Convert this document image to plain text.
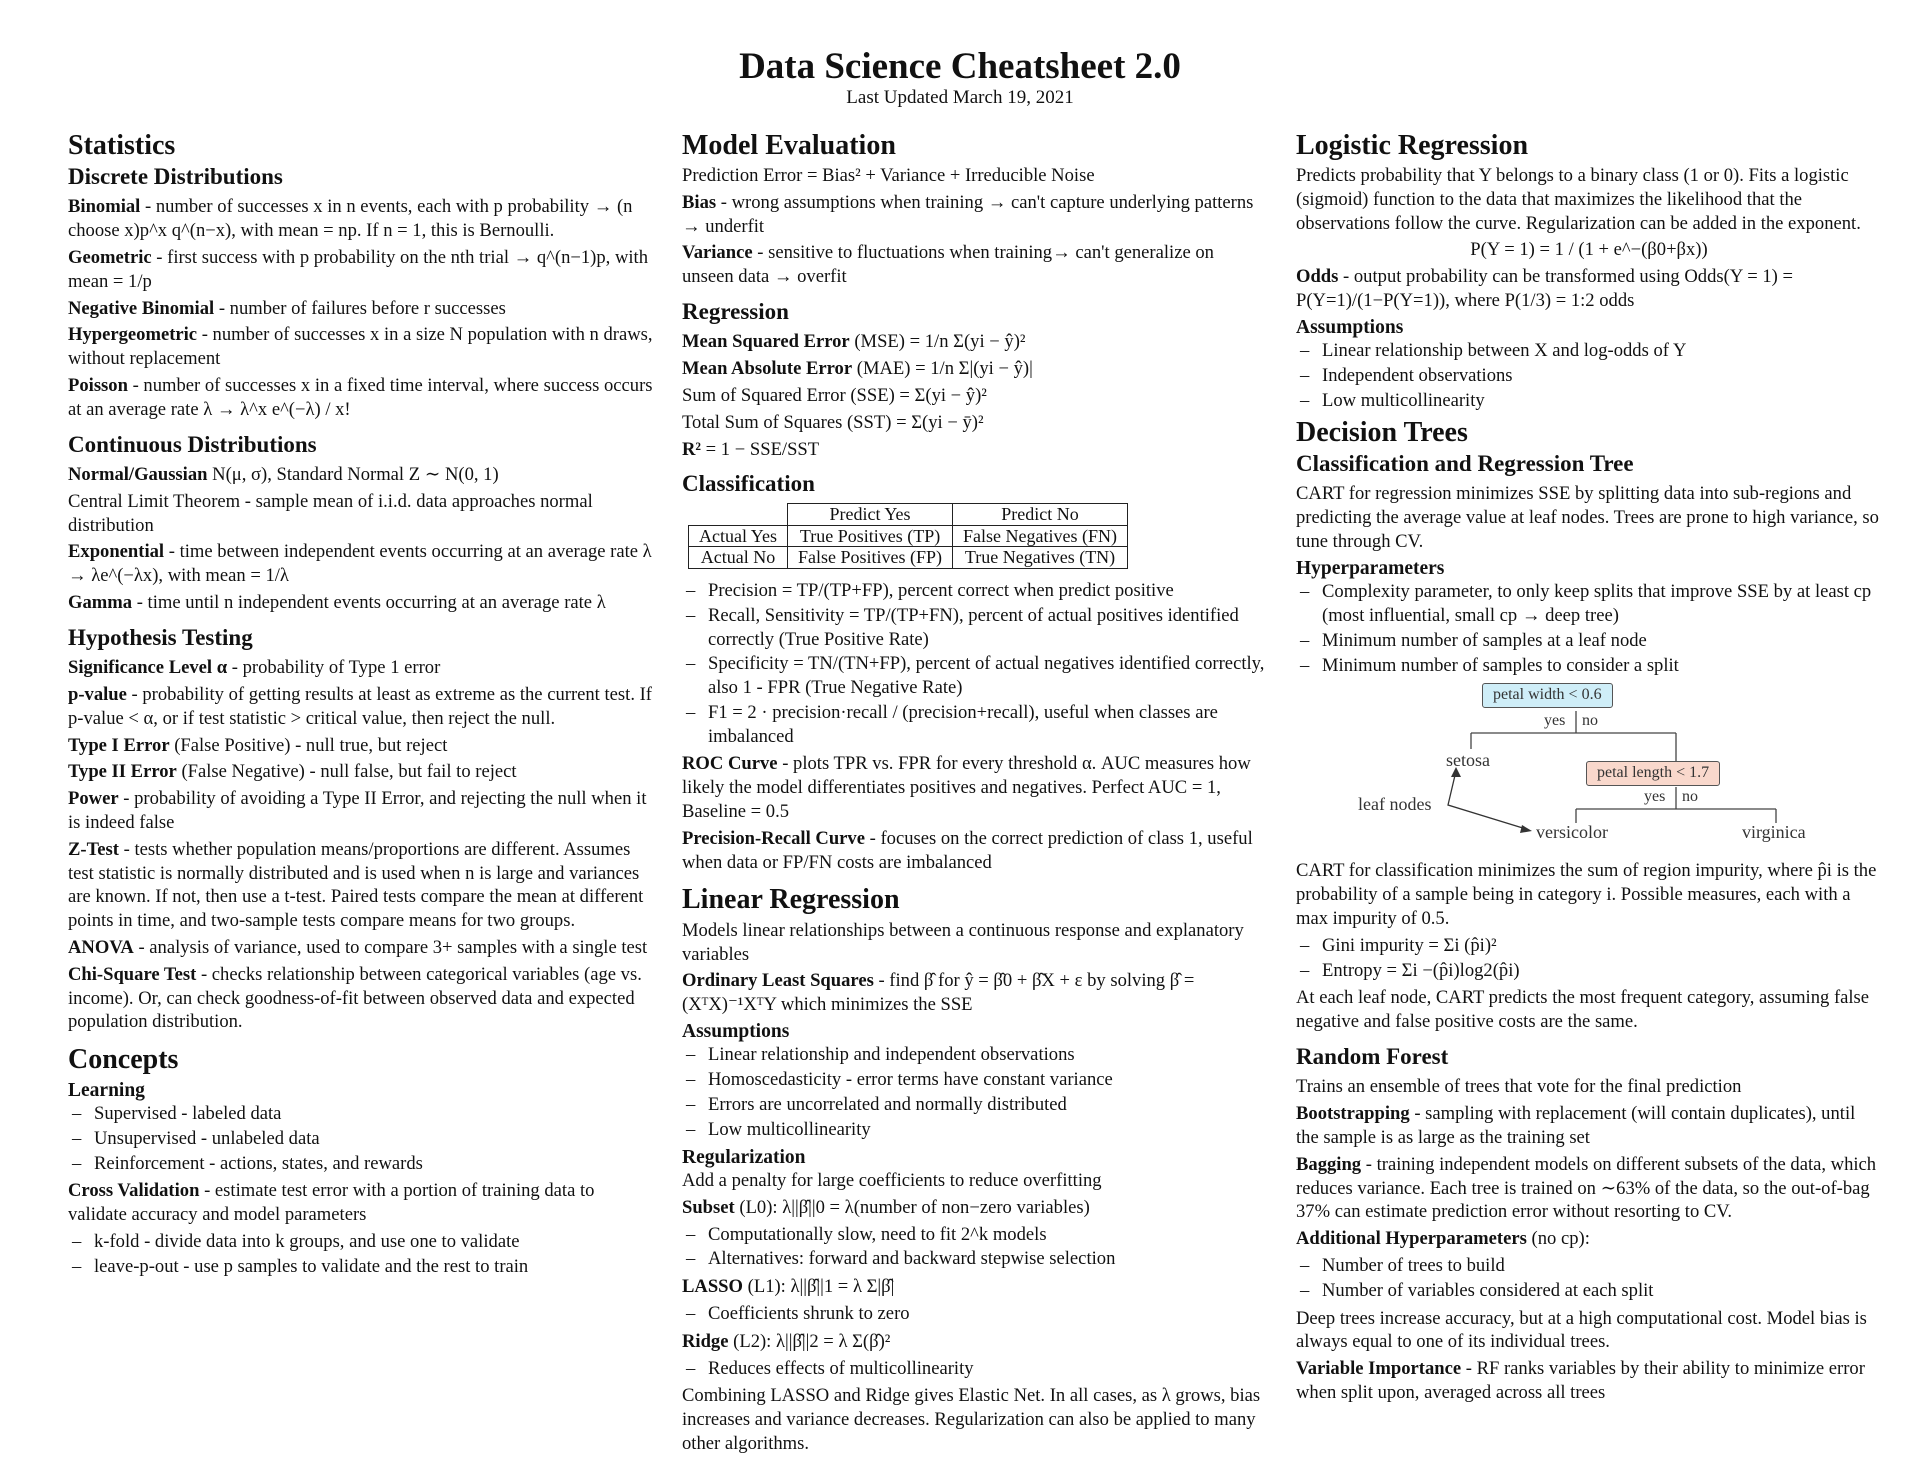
Data Science Cheatsheet 2.0
Last Updated March 19, 2021
Statistics
Discrete Distributions

Binomial - number of successes x in n events, each with p probability → (n choose x)p^x q^(n−x), with mean = np. If n = 1, this is Bernoulli.

Geometric - first success with p probability on the nth trial → q^(n−1)p, with mean = 1/p

Negative Binomial - number of failures before r successes

Hypergeometric - number of successes x in a size N population with n draws, without replacement

Poisson - number of successes x in a fixed time interval, where success occurs at an average rate λ → λ^x e^(−λ) / x!

Continuous Distributions

Normal/Gaussian N(μ, σ), Standard Normal Z ∼ N(0, 1)

Central Limit Theorem - sample mean of i.i.d. data approaches normal distribution

Exponential - time between independent events occurring at an average rate λ → λe^(−λx), with mean = 1/λ

Gamma - time until n independent events occurring at an average rate λ

Hypothesis Testing

Significance Level α - probability of Type 1 error

p-value - probability of getting results at least as extreme as the current test. If p-value < α, or if test statistic > critical value, then reject the null.

Type I Error (False Positive) - null true, but reject

Type II Error (False Negative) - null false, but fail to reject

Power - probability of avoiding a Type II Error, and rejecting the null when it is indeed false

Z-Test - tests whether population means/proportions are different. Assumes test statistic is normally distributed and is used when n is large and variances are known. If not, then use a t-test. Paired tests compare the mean at different points in time, and two-sample tests compare means for two groups.

ANOVA - analysis of variance, used to compare 3+ samples with a single test

Chi-Square Test - checks relationship between categorical variables (age vs. income). Or, can check goodness-of-fit between observed data and expected population distribution.

Concepts
Learning
– Supervised - labeled data
– Unsupervised - unlabeled data
– Reinforcement - actions, states, and rewards

Cross Validation - estimate test error with a portion of training data to validate accuracy and model parameters

– k-fold - divide data into k groups, and use one to validate
– leave-p-out - use p samples to validate and the rest to train
Model Evaluation

Prediction Error = Bias² + Variance + Irreducible Noise

Bias - wrong assumptions when training → can't capture underlying patterns → underfit

Variance - sensitive to fluctuations when training→ can't generalize on unseen data → overfit

Regression

Mean Squared Error (MSE) = 1/n Σ(yi − ŷ)²

Mean Absolute Error (MAE) = 1/n Σ|(yi − ŷ)|

Sum of Squared Error (SSE) = Σ(yi − ŷ)²

Total Sum of Squares (SST) = Σ(yi − ȳ)²

R² = 1 − SSE/SST

Classification
	Predict Yes	Predict No
Actual Yes	True Positives (TP)	False Negatives (FN)
Actual No	False Positives (FP)	True Negatives (TN)
– Precision = TP/(TP+FP), percent correct when predict positive
– Recall, Sensitivity = TP/(TP+FN), percent of actual positives identified correctly (True Positive Rate)
– Specificity = TN/(TN+FP), percent of actual negatives identified correctly, also 1 - FPR (True Negative Rate)
– F1 = 2 · precision·recall / (precision+recall), useful when classes are imbalanced

ROC Curve - plots TPR vs. FPR for every threshold α. AUC measures how likely the model differentiates positives and negatives. Perfect AUC = 1, Baseline = 0.5

Precision-Recall Curve - focuses on the correct prediction of class 1, useful when data or FP/FN costs are imbalanced

Linear Regression

Models linear relationships between a continuous response and explanatory variables

Ordinary Least Squares - find β̂ for ŷ = β̂0 + β̂X + ε by solving β̂ = (XᵀX)⁻¹XᵀY which minimizes the SSE

Assumptions
– Linear relationship and independent observations
– Homoscedasticity - error terms have constant variance
– Errors are uncorrelated and normally distributed
– Low multicollinearity
Regularization

Add a penalty for large coefficients to reduce overfitting

Subset (L0): λ||β̂||0 = λ(number of non−zero variables)

– Computationally slow, need to fit 2^k models
– Alternatives: forward and backward stepwise selection

LASSO (L1): λ||β̂||1 = λ Σ|β̂|

– Coefficients shrunk to zero

Ridge (L2): λ||β̂||2 = λ Σ(β̂)²

– Reduces effects of multicollinearity

Combining LASSO and Ridge gives Elastic Net. In all cases, as λ grows, bias increases and variance decreases. Regularization can also be applied to many other algorithms.

Logistic Regression

Predicts probability that Y belongs to a binary class (1 or 0). Fits a logistic (sigmoid) function to the data that maximizes the likelihood that the observations follow the curve. Regularization can be added in the exponent.

P(Y = 1) = 1 / (1 + e^−(β0+βx))

Odds - output probability can be transformed using Odds(Y = 1) = P(Y=1)/(1−P(Y=1)), where P(1/3) = 1:2 odds

Assumptions
– Linear relationship between X and log-odds of Y
– Independent observations
– Low multicollinearity
Decision Trees
Classification and Regression Tree

CART for regression minimizes SSE by splitting data into sub-regions and predicting the average value at leaf nodes. Trees are prone to high variance, so tune through CV.

Hyperparameters
– Complexity parameter, to only keep splits that improve SSE by at least cp (most influential, small cp → deep tree)
– Minimum number of samples at a leaf node
– Minimum number of samples to consider a split
petal width < 0.6
yes no
setosa
petal length < 1.7
yes no
leaf nodes
versicolor	virginica

CART for classification minimizes the sum of region impurity, where p̂i is the probability of a sample being in category i. Possible measures, each with a max impurity of 0.5.

– Gini impurity = Σi (p̂i)²
– Entropy = Σi −(p̂i)log2(p̂i)

At each leaf node, CART predicts the most frequent category, assuming false negative and false positive costs are the same.

Random Forest

Trains an ensemble of trees that vote for the final prediction

Bootstrapping - sampling with replacement (will contain duplicates), until the sample is as large as the training set

Bagging - training independent models on different subsets of the data, which reduces variance. Each tree is trained on ∼63% of the data, so the out-of-bag 37% can estimate prediction error without resorting to CV.

Additional Hyperparameters (no cp):

– Number of trees to build
– Number of variables considered at each split

Deep trees increase accuracy, but at a high computational cost. Model bias is always equal to one of its individual trees.

Variable Importance - RF ranks variables by their ability to minimize error when split upon, averaged across all trees
